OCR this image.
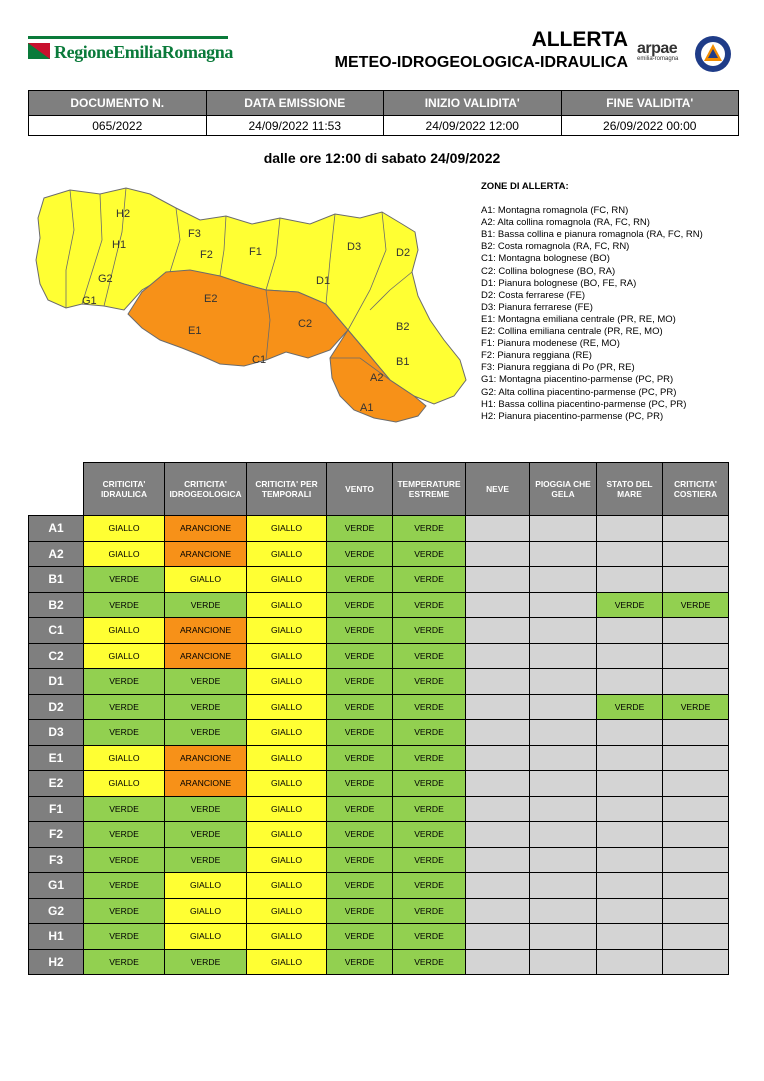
RegioneEmiliaRomagna
ALLERTA
METEO-IDROGEOLOGICA-IDRAULICA
arpae
emilia-romagna
DOCUMENTO N.	DATA EMISSIONE	INIZIO VALIDITA'	FINE VALIDITA'
065/2022	24/09/2022 11:53	24/09/2022 12:00	26/09/2022 00:00
dalle ore 12:00 di sabato 24/09/2022
H2
H1
G2
G1
F3
F2	F1
E2
E1
D3	D2
D1
C2
C1
B2
B1
A2
A1
ZONE DI ALLERTA:
A1: Montagna romagnola (FC, RN)
A2: Alta collina romagnola (RA, FC, RN)
B1: Bassa collina e pianura romagnola (RA, FC, RN)
B2: Costa romagnola (RA, FC, RN)
C1: Montagna bolognese (BO)
C2: Collina bolognese (BO, RA)
D1: Pianura bolognese (BO, FE, RA)
D2: Costa ferrarese (FE)
D3: Pianura ferrarese (FE)
E1: Montagna emiliana centrale (PR, RE, MO)
E2: Collina emiliana centrale (PR, RE, MO)
F1: Pianura modenese (RE, MO)
F2: Pianura reggiana (RE)
F3: Pianura reggiana di Po (PR, RE)
G1: Montagna piacentino-parmense (PC, PR)
G2: Alta collina piacentino-parmense (PC, PR)
H1: Bassa collina piacentino-parmense (PC, PR)
H2: Pianura piacentino-parmense (PC, PR)
	CRITICITA' IDRAULICA	CRITICITA' IDROGEOLOGICA	CRITICITA' PER TEMPORALI	VENTO	TEMPERATURE ESTREME	NEVE	PIOGGIA CHE GELA	STATO DEL MARE	CRITICITA' COSTIERA
A1	GIALLO	ARANCIONE	GIALLO	VERDE	VERDE				
A2	GIALLO	ARANCIONE	GIALLO	VERDE	VERDE				
B1	VERDE	GIALLO	GIALLO	VERDE	VERDE				
B2	VERDE	VERDE	GIALLO	VERDE	VERDE			VERDE	VERDE
C1	GIALLO	ARANCIONE	GIALLO	VERDE	VERDE				
C2	GIALLO	ARANCIONE	GIALLO	VERDE	VERDE				
D1	VERDE	VERDE	GIALLO	VERDE	VERDE				
D2	VERDE	VERDE	GIALLO	VERDE	VERDE			VERDE	VERDE
D3	VERDE	VERDE	GIALLO	VERDE	VERDE				
E1	GIALLO	ARANCIONE	GIALLO	VERDE	VERDE				
E2	GIALLO	ARANCIONE	GIALLO	VERDE	VERDE				
F1	VERDE	VERDE	GIALLO	VERDE	VERDE				
F2	VERDE	VERDE	GIALLO	VERDE	VERDE				
F3	VERDE	VERDE	GIALLO	VERDE	VERDE				
G1	VERDE	GIALLO	GIALLO	VERDE	VERDE				
G2	VERDE	GIALLO	GIALLO	VERDE	VERDE				
H1	VERDE	GIALLO	GIALLO	VERDE	VERDE				
H2	VERDE	VERDE	GIALLO	VERDE	VERDE				
